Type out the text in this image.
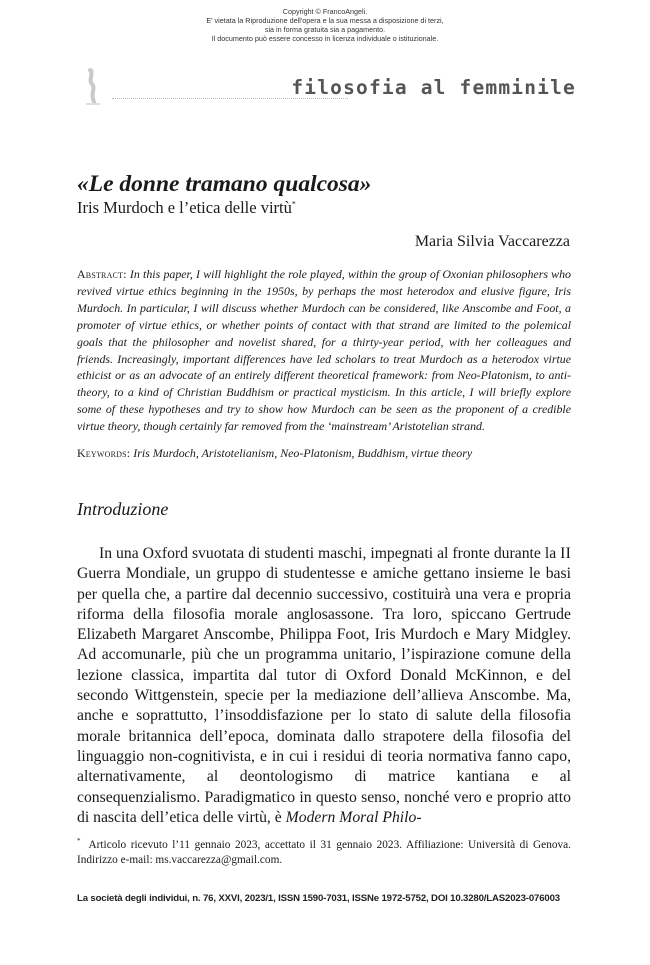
Copyright © FrancoAngeli.
E' vietata la Riproduzione dell'opera e la sua messa a disposizione di terzi,
sia in forma gratuita sia a pagamento.
Il documento può essere concesso in licenza individuale o istituzionale.
filosofia al femminile
«Le donne tramano qualcosa»
Iris Murdoch e l’etica delle virtù*
Maria Silvia Vaccarezza

Abstract: In this paper, I will highlight the role played, within the group of Oxonian philosophers who revived virtue ethics beginning in the 1950s, by perhaps the most heterodox and elusive figure, Iris Murdoch. In particular, I will discuss whether Murdoch can be considered, like Anscombe and Foot, a promoter of virtue ethics, or whether points of contact with that strand are limited to the polemical goals that the philosopher and novelist shared, for a thirty-year period, with her colleagues and friends. Increasingly, important differences have led scholars to treat Murdoch as a heterodox virtue ethicist or as an advocate of an entirely different theoretical framework: from Neo-Platonism, to anti-theory, to a kind of Christian Buddhism or practical mysticism. In this article, I will briefly explore some of these hypotheses and try to show how Murdoch can be seen as the proponent of a credible virtue theory, though certainly far removed from the ‘mainstream’ Aristotelian strand.

Keywords: Iris Murdoch, Aristotelianism, Neo-Platonism, Buddhism, virtue theory

Introduzione

In una Oxford svuotata di studenti maschi, impegnati al fronte durante la II Guerra Mondiale, un gruppo di studentesse e amiche gettano insieme le basi per quella che, a partire dal decennio successivo, costituirà una vera e propria riforma della filosofia morale anglosassone. Tra loro, spiccano Gertrude Elizabeth Margaret Anscombe, Philippa Foot, Iris Murdoch e Mary Midgley. Ad accomunarle, più che un programma unitario, l’ispirazione comune della lezione classica, impartita dal tutor di Oxford Donald McKinnon, e del secondo Wittgenstein, specie per la mediazione dell’allieva Anscombe. Ma, anche e soprattutto, l’insoddisfazione per lo stato di salute della filosofia morale britannica dell’epoca, dominata dallo strapotere della filosofia del linguaggio non-cognitivista, e in cui i residui di teoria normativa fanno capo, alternativamente, al deontologismo di matrice kantiana e al consequenzialismo. Paradigmatico in questo senso, nonché vero e proprio atto di nascita dell’etica delle virtù, è Modern Moral Philo-

* Articolo ricevuto l’11 gennaio 2023, accettato il 31 gennaio 2023. Affiliazione: Università di Genova. Indirizzo e-mail: ms.vaccarezza@gmail.com.

La società degli individui, n. 76, XXVI, 2023/1, ISSN 1590-7031, ISSNe 1972-5752, DOI 10.3280/LAS2023-076003
